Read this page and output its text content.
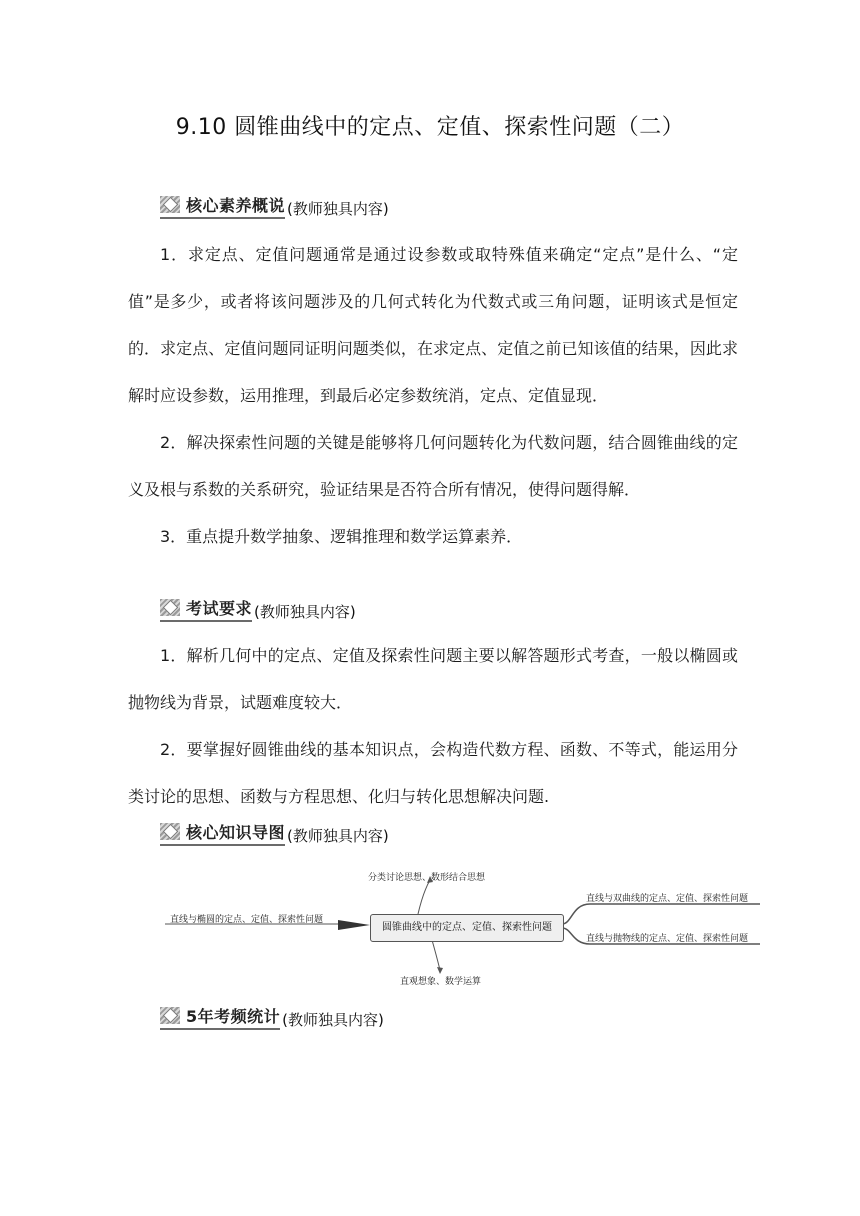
9.10 圆锥曲线中的定点、定值、探索性问题（二）
核心素养概说 (教师独具内容)

1．求定点、定值问题通常是通过设参数或取特殊值来确定“定点”是什么、“定值”是多少，或者将该问题涉及的几何式转化为代数式或三角问题，证明该式是恒定的．求定点、定值问题同证明问题类似，在求定点、定值之前已知该值的结果，因此求解时应设参数，运用推理，到最后必定参数统消，定点、定值显现．

2．解决探索性问题的关键是能够将几何问题转化为代数问题，结合圆锥曲线的定义及根与系数的关系研究，验证结果是否符合所有情况，使得问题得解．

3．重点提升数学抽象、逻辑推理和数学运算素养．

考试要求 (教师独具内容)

1．解析几何中的定点、定值及探索性问题主要以解答题形式考查，一般以椭圆或抛物线为背景，试题难度较大．

2．要掌握好圆锥曲线的基本知识点，会构造代数方程、函数、不等式，能运用分类讨论的思想、函数与方程思想、化归与转化思想解决问题.

核心知识导图 (教师独具内容)
圆锥曲线中的定点、定值、探索性问题
直线与椭圆的定点、定值、探索性问题
分类讨论思想、数形结合思想
直观想象、数学运算
直线与双曲线的定点、定值、探索性问题
直线与抛物线的定点、定值、探索性问题
5年考频统计 (教师独具内容)
